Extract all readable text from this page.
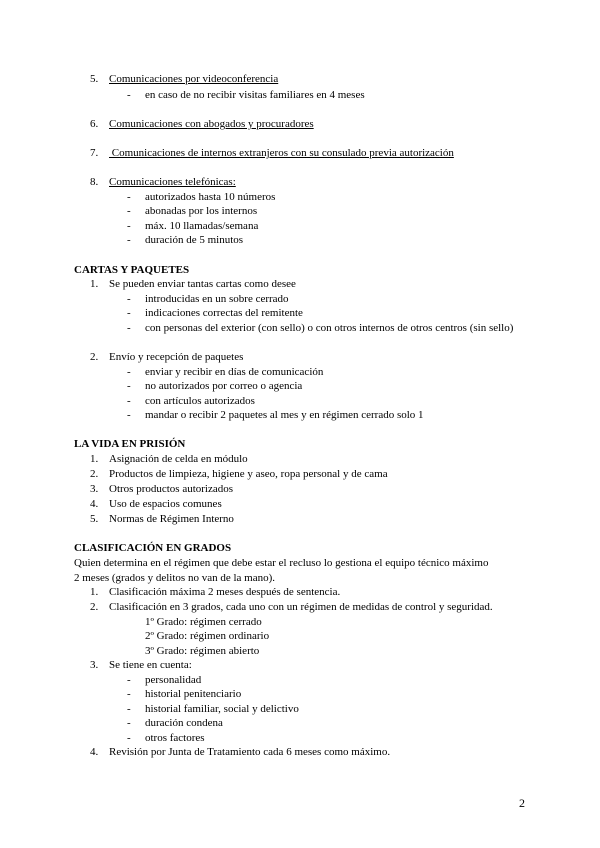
5. Comunicaciones por videoconferencia
- en caso de no recibir visitas familiares en 4 meses
6. Comunicaciones con abogados y procuradores
7. Comunicaciones de internos extranjeros con su consulado previa autorización
8. Comunicaciones telefónicas:
- autorizados hasta 10 números
- abonadas por los internos
- máx. 10 llamadas/semana
- duración de 5 minutos
CARTAS Y PAQUETES
1. Se pueden enviar tantas cartas como desee
- introducidas en un sobre cerrado
- indicaciones correctas del remitente
- con personas del exterior (con sello) o con otros internos de otros centros (sin sello)
2. Envío y recepción de paquetes
- enviar y recibir en días de comunicación
- no autorizados por correo o agencia
- con artículos autorizados
- mandar o recibir 2 paquetes al mes y en régimen cerrado solo 1
LA VIDA EN PRISIÓN
1. Asignación de celda en módulo
2. Productos de limpieza, higiene y aseo, ropa personal y de cama
3. Otros productos autorizados
4. Uso de espacios comunes
5. Normas de Régimen Interno
CLASIFICACIÓN EN GRADOS
Quien determina en el régimen que debe estar el recluso lo gestiona el equipo técnico máximo
2 meses (grados y delitos no van de la mano).
1. Clasificación máxima 2 meses después de sentencia.
2. Clasificación en 3 grados, cada uno con un régimen de medidas de control y seguridad.
1º Grado: régimen cerrado
2º Grado: régimen ordinario
3º Grado: régimen abierto
3. Se tiene en cuenta:
- personalidad
- historial penitenciario
- historial familiar, social y delictivo
- duración condena
- otros factores
4. Revisión por Junta de Tratamiento cada 6 meses como máximo.
2
